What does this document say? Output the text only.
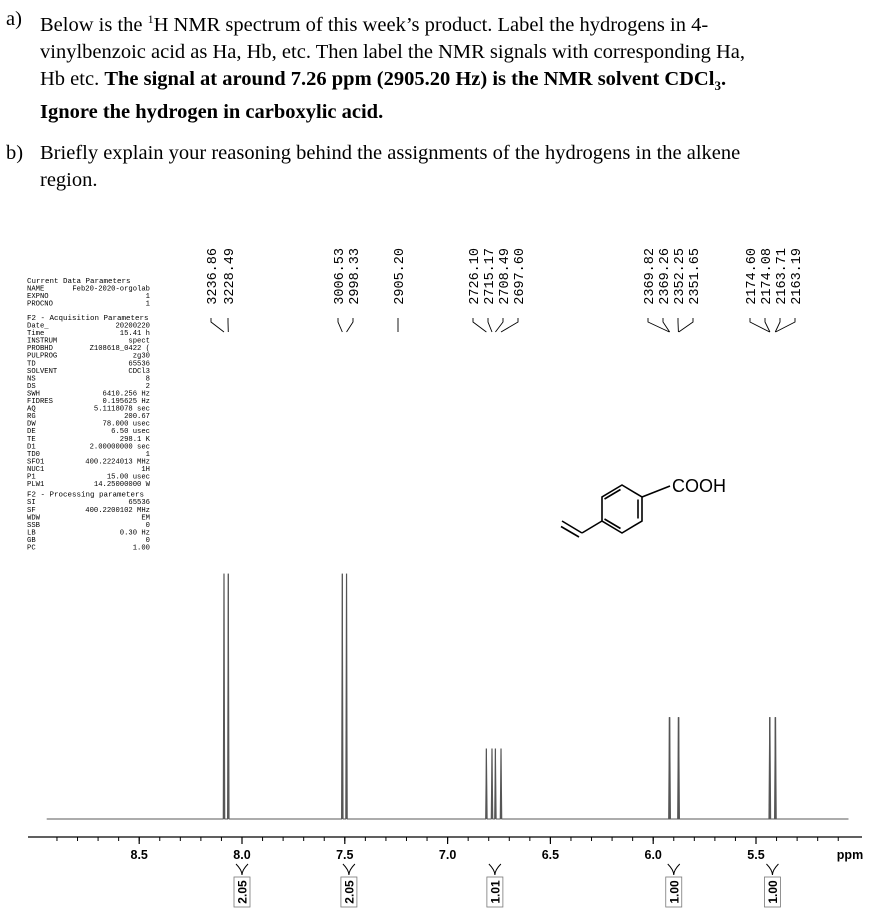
a) Below is the $^1$H NMR spectrum of this week’s product. Label the hydrogens in 4-
vinylbenzoic acid as Ha, Hb, etc. Then label the NMR signals with corresponding Ha,
Hb etc. The signal at around 7.26 ppm (2905.20 Hz) is the NMR solvent CDCl$_3$.
Ignore the hydrogen in carboxylic acid.
b) Briefly explain your reasoning behind the assignments of the hydrogens in the alkene
region.
Current Data Parameters
NAME	Feb20-2020-orgolab
EXPNO	1
PROCNO	1
F2 - Acquisition Parameters
Date_	20200220
Time	15.41 h
INSTRUM	spect
PROBHD	Z108618_0422 (
PULPROG	zg30
TD	65536
SOLVENT	CDCl3
NS	8
DS	2
SWH	6410.256 Hz
FIDRES	0.195625 Hz
AQ	5.1118078 sec
RG	200.67
DW	78.000 usec
DE	6.50 usec
TE	298.1 K
D1	2.00000000 sec
TD0	1
SFO1	400.2224013 MHz
NUC1	1H
P1	15.00 usec
PLW1	14.25000000 W
F2 - Processing parameters
SI	65536
SF	400.2200102 MHz
WDW	EM
SSB	0
LB	0.30 Hz
GB	0
PC	1.00
COOH
3236.86 3228.49	3006.53 2998.33 2905.20	2726.10 2715.17 2708.49 2697.60	2369.82 2369.26 2352.25 2351.65	2174.60 2174.08 2163.71 2163.19
8.5	8.0	7.5	7.0	6.5	6.0	5.5	ppm
2.05	2.05	1.01	1.00	1.00
